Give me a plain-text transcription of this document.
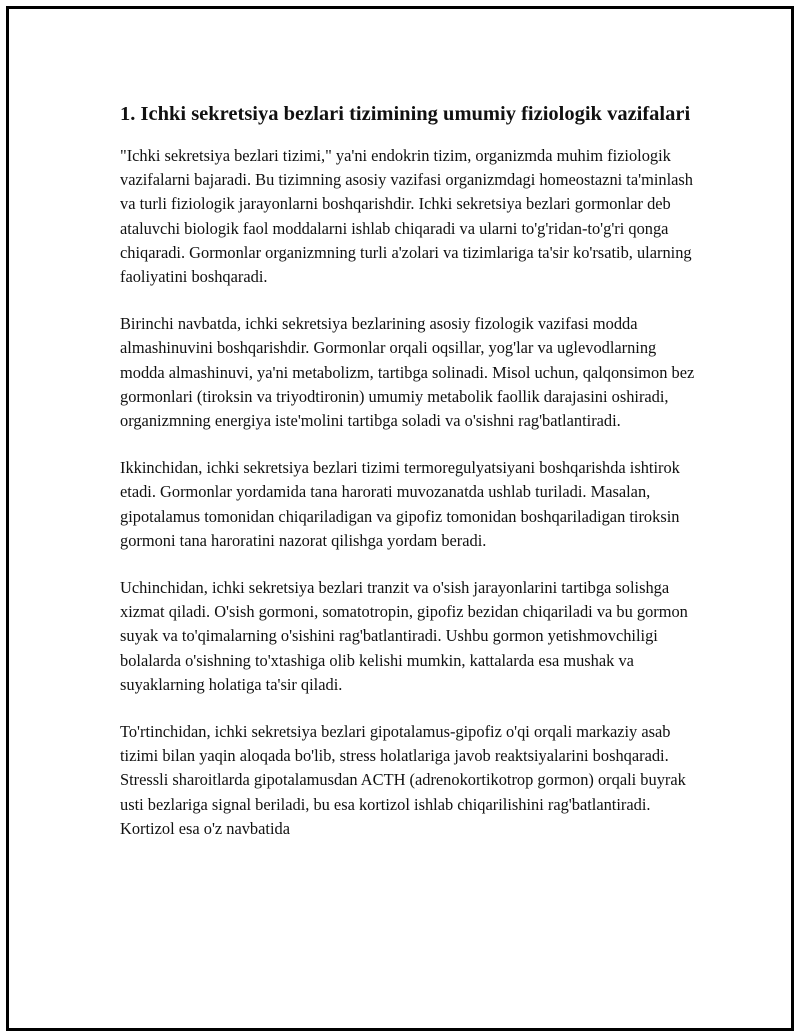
1. Ichki sekretsiya bezlari tizimining umumiy fiziologik vazifalari

"Ichki sekretsiya bezlari tizimi," ya'ni endokrin tizim, organizmda muhim fiziologik vazifalarni bajaradi. Bu tizimning asosiy vazifasi organizmdagi homeostazni ta'minlash va turli fiziologik jarayonlarni boshqarishdir. Ichki sekretsiya bezlari gormonlar deb ataluvchi biologik faol moddalarni ishlab chiqaradi va ularni to'g'ridan-to'g'ri qonga chiqaradi. Gormonlar organizmning turli a'zolari va tizimlariga ta'sir ko'rsatib, ularning faoliyatini boshqaradi.

Birinchi navbatda, ichki sekretsiya bezlarining asosiy fizologik vazifasi modda almashinuvini boshqarishdir. Gormonlar orqali oqsillar, yog'lar va uglevodlarning modda almashinuvi, ya'ni metabolizm, tartibga solinadi. Misol uchun, qalqonsimon bez gormonlari (tiroksin va triyodtironin) umumiy metabolik faollik darajasini oshiradi, organizmning energiya iste'molini tartibga soladi va o'sishni rag'batlantiradi.

Ikkinchidan, ichki sekretsiya bezlari tizimi termoregulyatsiyani boshqarishda ishtirok etadi. Gormonlar yordamida tana harorati muvozanatda ushlab turiladi. Masalan, gipotalamus tomonidan chiqariladigan va gipofiz tomonidan boshqariladigan tiroksin gormoni tana haroratini nazorat qilishga yordam beradi.

Uchinchidan, ichki sekretsiya bezlari tranzit va o'sish jarayonlarini tartibga solishga xizmat qiladi. O'sish gormoni, somatotropin, gipofiz bezidan chiqariladi va bu gormon suyak va to'qimalarning o'sishini rag'batlantiradi. Ushbu gormon yetishmovchiligi bolalarda o'sishning to'xtashiga olib kelishi mumkin, kattalarda esa mushak va suyaklarning holatiga ta'sir qiladi.

To'rtinchidan, ichki sekretsiya bezlari gipotalamus-gipofiz o'qi orqali markaziy asab tizimi bilan yaqin aloqada bo'lib, stress holatlariga javob reaktsiyalarini boshqaradi. Stressli sharoitlarda gipotalamusdan ACTH (adrenokortikotrop gormon) orqali buyrak usti bezlariga signal beriladi, bu esa kortizol ishlab chiqarilishini rag'batlantiradi. Kortizol esa o'z navbatida
